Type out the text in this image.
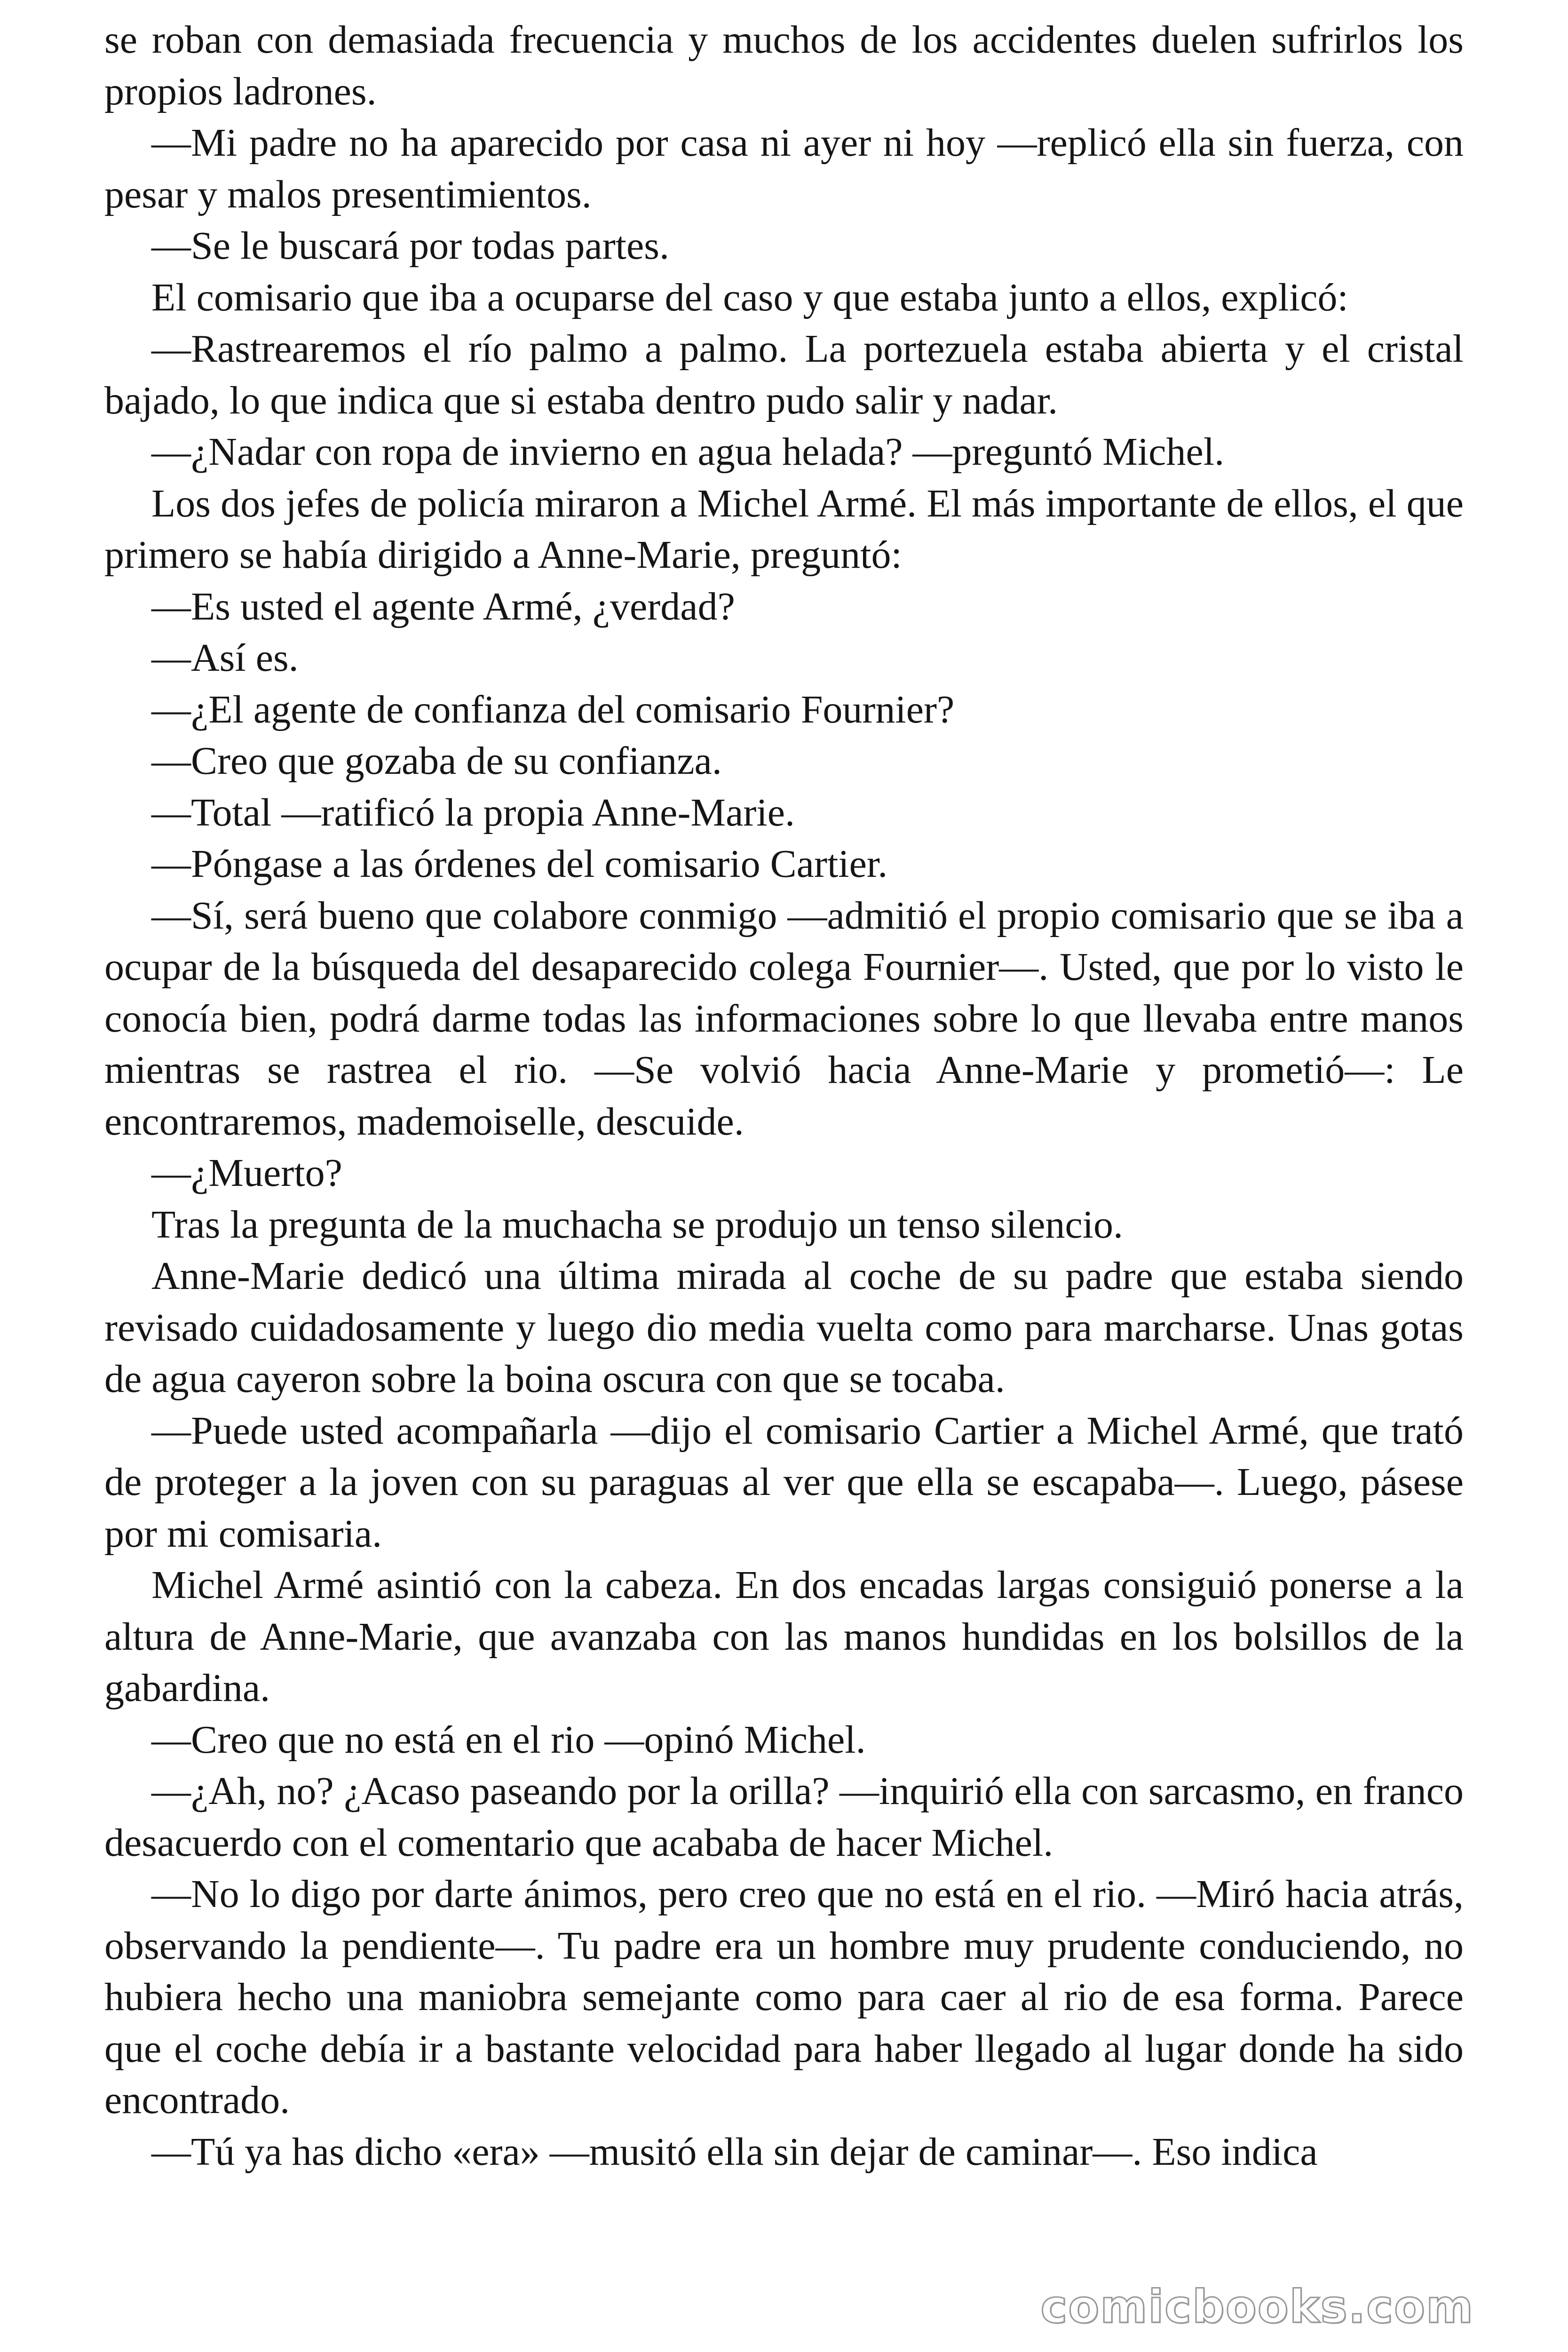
se roban con demasiada frecuencia y muchos de los accidentes duelen sufrirlos los propios ladrones.

—Mi padre no ha aparecido por casa ni ayer ni hoy —replicó ella sin fuerza, con pesar y malos presentimientos.

—Se le buscará por todas partes.

El comisario que iba a ocuparse del caso y que estaba junto a ellos, explicó:

—Rastrearemos el río palmo a palmo. La portezuela estaba abierta y el cristal bajado, lo que indica que si estaba dentro pudo salir y nadar.

—¿Nadar con ropa de invierno en agua helada? —preguntó Michel.

Los dos jefes de policía miraron a Michel Armé. El más importante de ellos, el que primero se había dirigido a Anne-Marie, preguntó:

—Es usted el agente Armé, ¿verdad?

—Así es.

—¿El agente de confianza del comisario Fournier?

—Creo que gozaba de su confianza.

—Total —ratificó la propia Anne-Marie.

—Póngase a las órdenes del comisario Cartier.

—Sí, será bueno que colabore conmigo —admitió el propio comisario que se iba a ocupar de la búsqueda del desaparecido colega Fournier—. Usted, que por lo visto le conocía bien, podrá darme todas las informaciones sobre lo que llevaba entre manos mientras se rastrea el rio. —Se volvió hacia Anne-Marie y prometió—: Le encontraremos, mademoiselle, descuide.

—¿Muerto?

Tras la pregunta de la muchacha se produjo un tenso silencio.

Anne-Marie dedicó una última mirada al coche de su padre que estaba siendo revisado cuidadosamente y luego dio media vuelta como para marcharse. Unas gotas de agua cayeron sobre la boina oscura con que se tocaba.

—Puede usted acompañarla —dijo el comisario Cartier a Michel Armé, que trató de proteger a la joven con su paraguas al ver que ella se escapaba—. Luego, pásese por mi comisaria.

Michel Armé asintió con la cabeza. En dos encadas largas consiguió ponerse a la altura de Anne-Marie, que avanzaba con las manos hundidas en los bolsillos de la gabardina.

—Creo que no está en el rio —opinó Michel.

—¿Ah, no? ¿Acaso paseando por la orilla? —inquirió ella con sarcasmo, en franco desacuerdo con el comentario que acababa de hacer Michel.

—No lo digo por darte ánimos, pero creo que no está en el rio. —Miró hacia atrás, observando la pendiente—. Tu padre era un hombre muy prudente conduciendo, no hubiera hecho una maniobra semejante como para caer al rio de esa forma. Parece que el coche debía ir a bastante velocidad para haber llegado al lugar donde ha sido encontrado.

—Tú ya has dicho «era» —musitó ella sin dejar de caminar—. Eso indica

comicbooks.com
